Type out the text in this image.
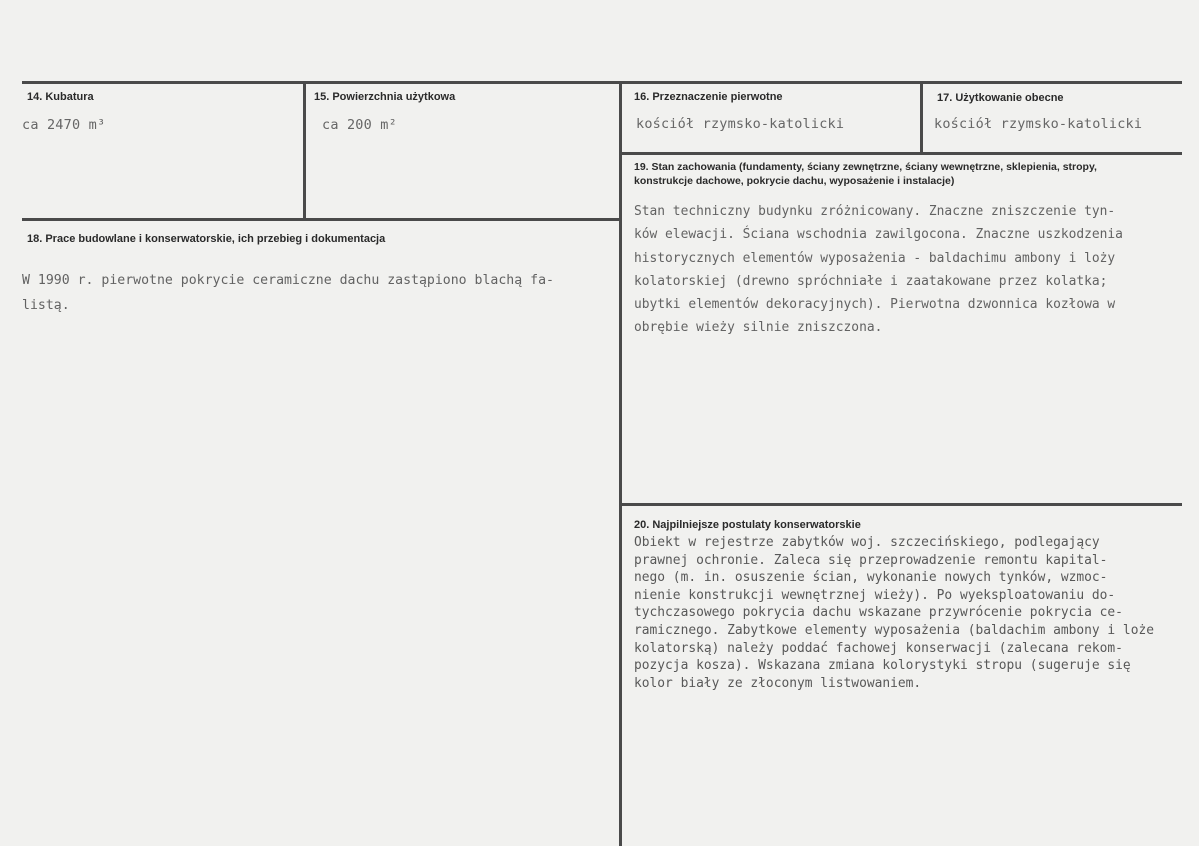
14. Kubatura
ca 2470 m³
15. Powierzchnia użytkowa
ca 200 m²
16. Przeznaczenie pierwotne
kościół rzymsko-katolicki
17. Użytkowanie obecne
kościół rzymsko-katolicki
18. Prace budowlane i konserwatorskie, ich przebieg i dokumentacja
W 1990 r. pierwotne pokrycie ceramiczne dachu zastąpiono blachą fa-
listą.
19. Stan zachowania (fundamenty, ściany zewnętrzne, ściany wewnętrzne, sklepienia, stropy, konstrukcje dachowe, pokrycie dachu, wyposażenie i instalacje)
Stan techniczny budynku zróżnicowany. Znaczne zniszczenie tyn-
ków elewacji. Ściana wschodnia zawilgocona. Znaczne uszkodzenia
historycznych elementów wyposażenia - baldachimu ambony i loży
kolatorskiej (drewno spróchniałe i zaatakowane przez kolatka;
ubytki elementów dekoracyjnych). Pierwotna dzwonnica kozłowa w
obrębie wieży silnie zniszczona.
20. Najpilniejsze postulaty konserwatorskie
Obiekt w rejestrze zabytków woj. szczecińskiego, podlegający
prawnej ochronie. Zaleca się przeprowadzenie remontu kapital-
nego (m. in. osuszenie ścian, wykonanie nowych tynków, wzmoc-
nienie konstrukcji wewnętrznej wieży). Po wyeksploatowaniu do-
tychczasowego pokrycia dachu wskazane przywrócenie pokrycia ce-
ramicznego. Zabytkowe elementy wyposażenia (baldachim ambony i loże
kolatorską) należy poddać fachowej konserwacji (zalecana rekom-
pozycja kosza). Wskazana zmiana kolorystyki stropu (sugeruje się
kolor biały ze złoconym listwowaniem.
